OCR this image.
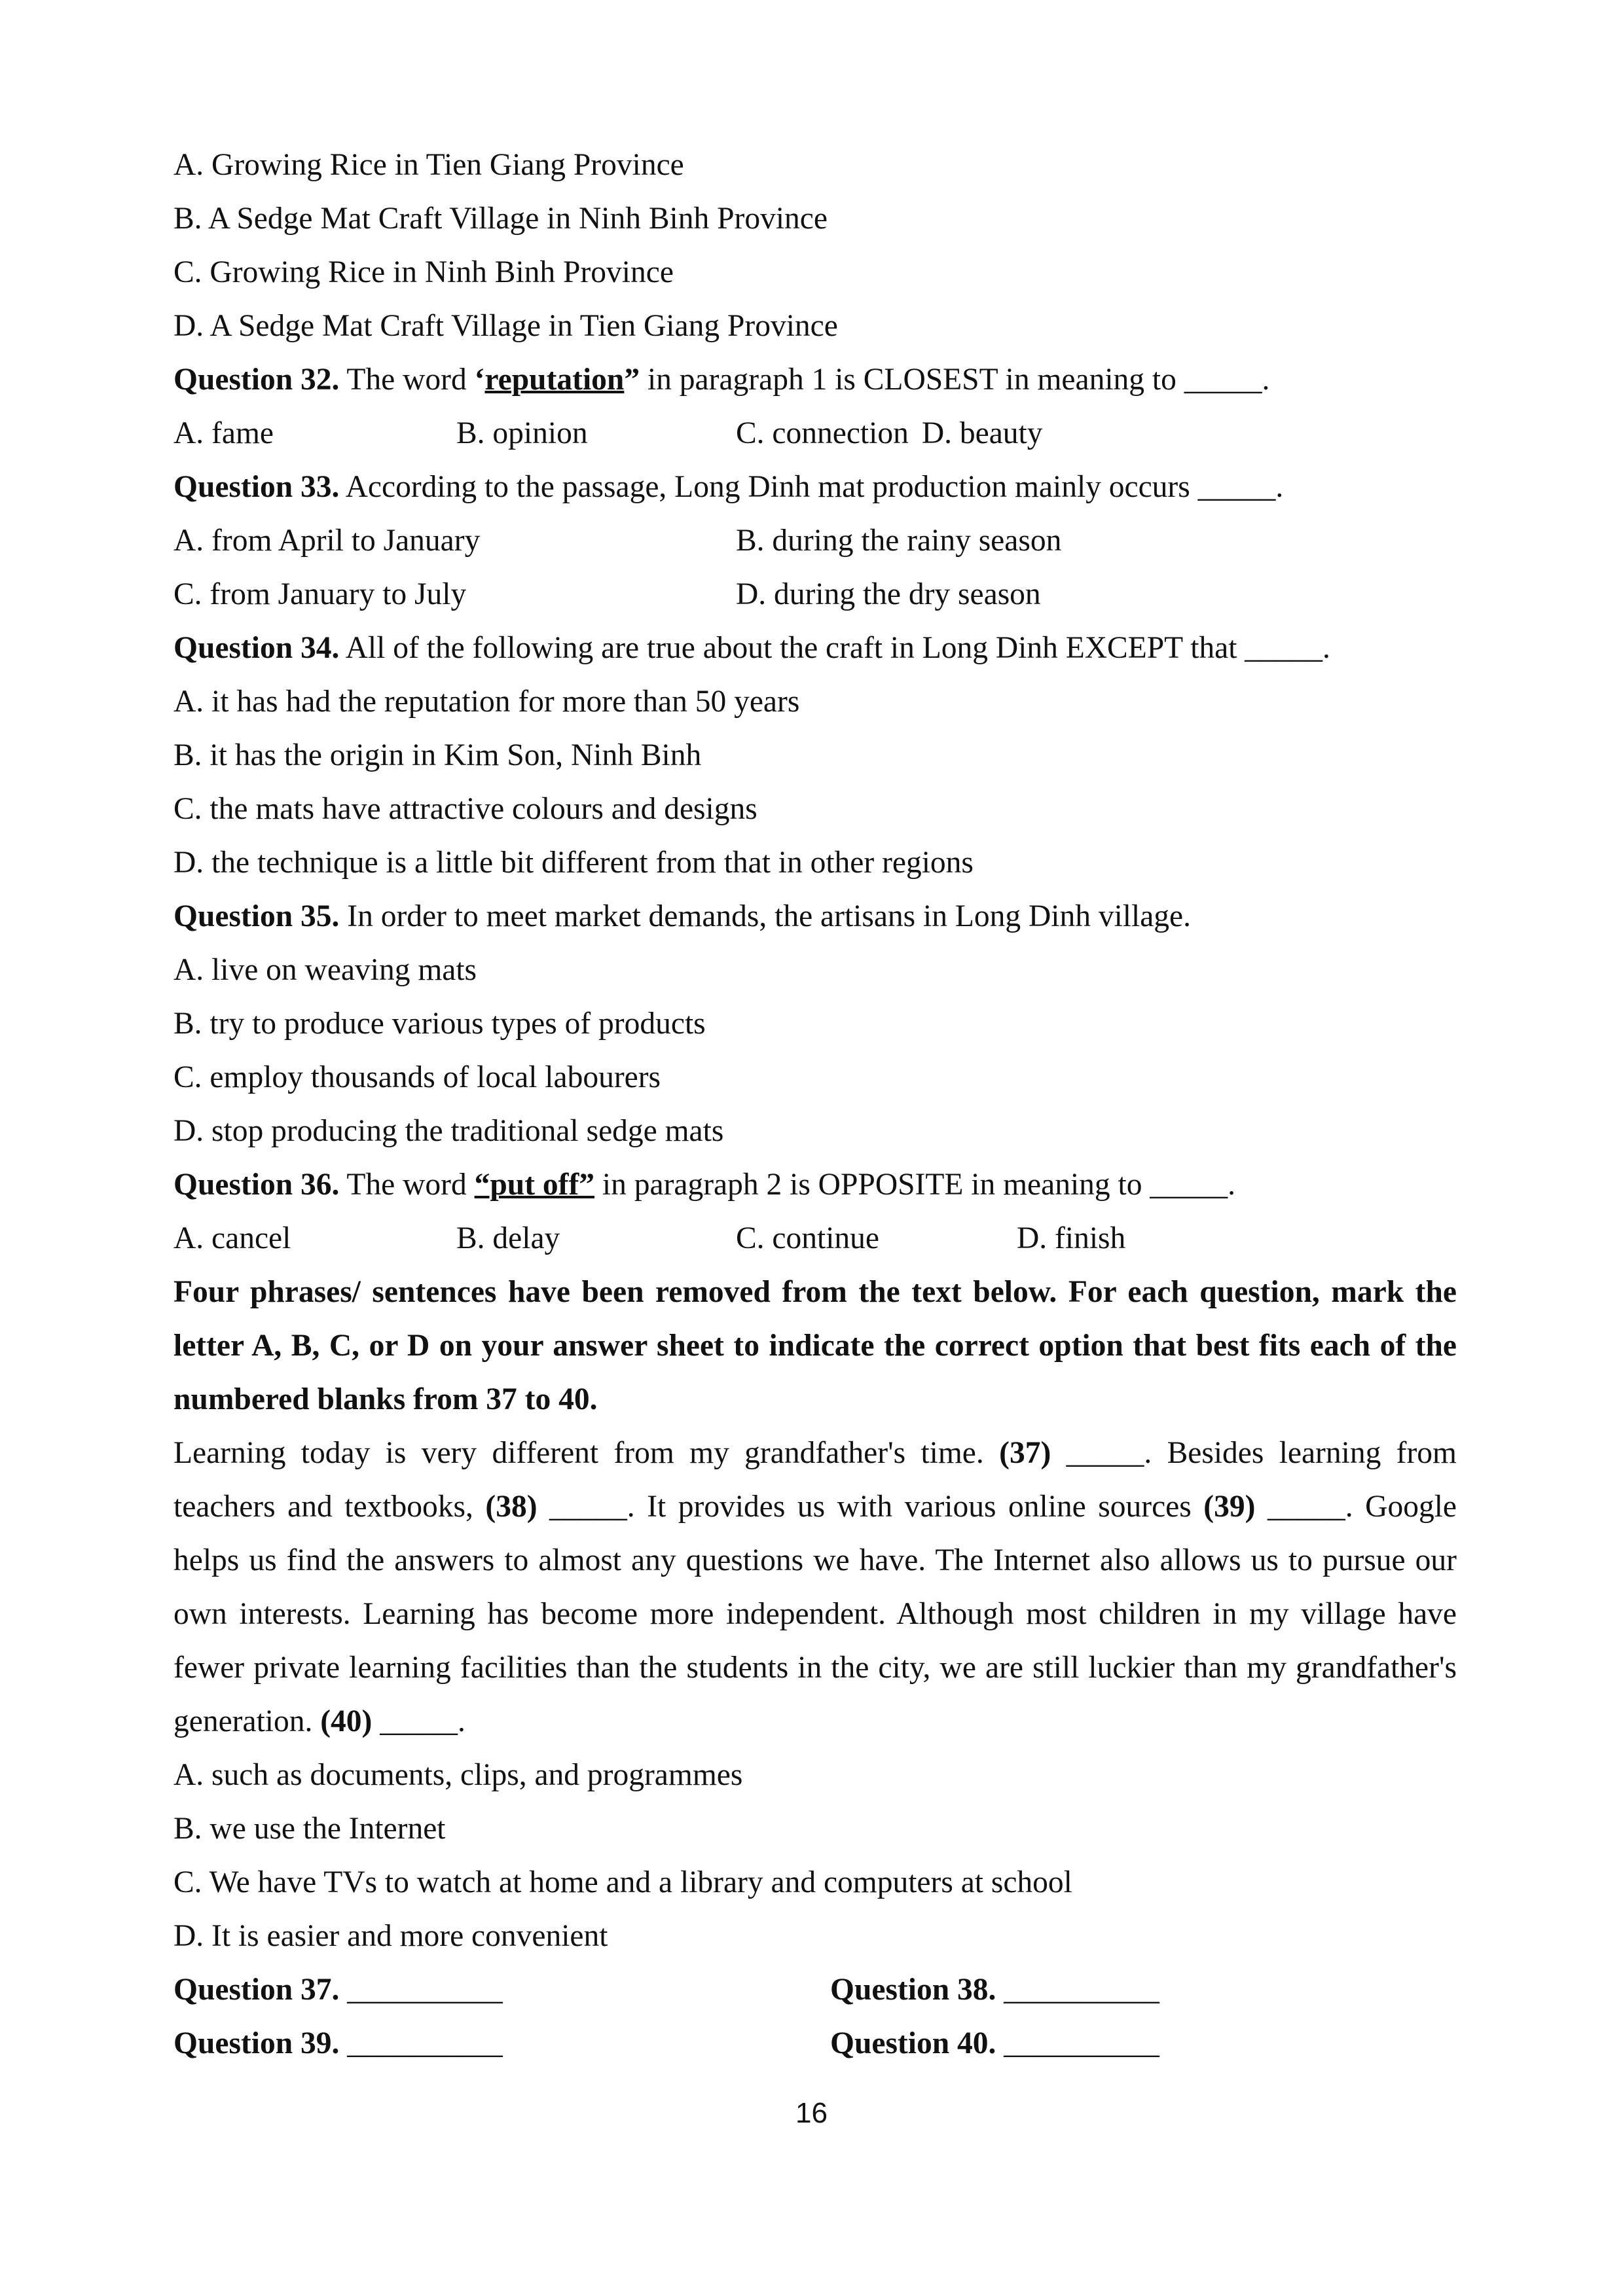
A. Growing Rice in Tien Giang Province
B. A Sedge Mat Craft Village in Ninh Binh Province
C. Growing Rice in Ninh Binh Province
D. A Sedge Mat Craft Village in Tien Giang Province
Question 32. The word ‘reputation” in paragraph 1 is CLOSEST in meaning to _____.
A. fame	B. opinion	C. connection D. beauty
Question 33. According to the passage, Long Dinh mat production mainly occurs _____.
A. from April to January	B. during the rainy season
C. from January to July	D. during the dry season
Question 34. All of the following are true about the craft in Long Dinh EXCEPT that _____.
A. it has had the reputation for more than 50 years
B. it has the origin in Kim Son, Ninh Binh
C. the mats have attractive colours and designs
D. the technique is a little bit different from that in other regions
Question 35. In order to meet market demands, the artisans in Long Dinh village.
A. live on weaving mats
B. try to produce various types of products
C. employ thousands of local labourers
D. stop producing the traditional sedge mats
Question 36. The word “put off” in paragraph 2 is OPPOSITE in meaning to _____.
A. cancel	B. delay	C. continue	D. finish
Four phrases/ sentences have been removed from the text below. For each question, mark the
letter A, B, C, or D on your answer sheet to indicate the correct option that best fits each of the
numbered blanks from 37 to 40.
Learning today is very different from my grandfather's time. (37) _____. Besides learning from
teachers and textbooks, (38) _____. It provides us with various online sources (39) _____. Google
helps us find the answers to almost any questions we have. The Internet also allows us to pursue our
own interests. Learning has become more independent. Although most children in my village have
fewer private learning facilities than the students in the city, we are still luckier than my grandfather's
generation. (40) _____.
A. such as documents, clips, and programmes
B. we use the Internet
C. We have TVs to watch at home and a library and computers at school
D. It is easier and more convenient
Question 37. __________	Question 38. __________
Question 39. __________	Question 40. __________
16
